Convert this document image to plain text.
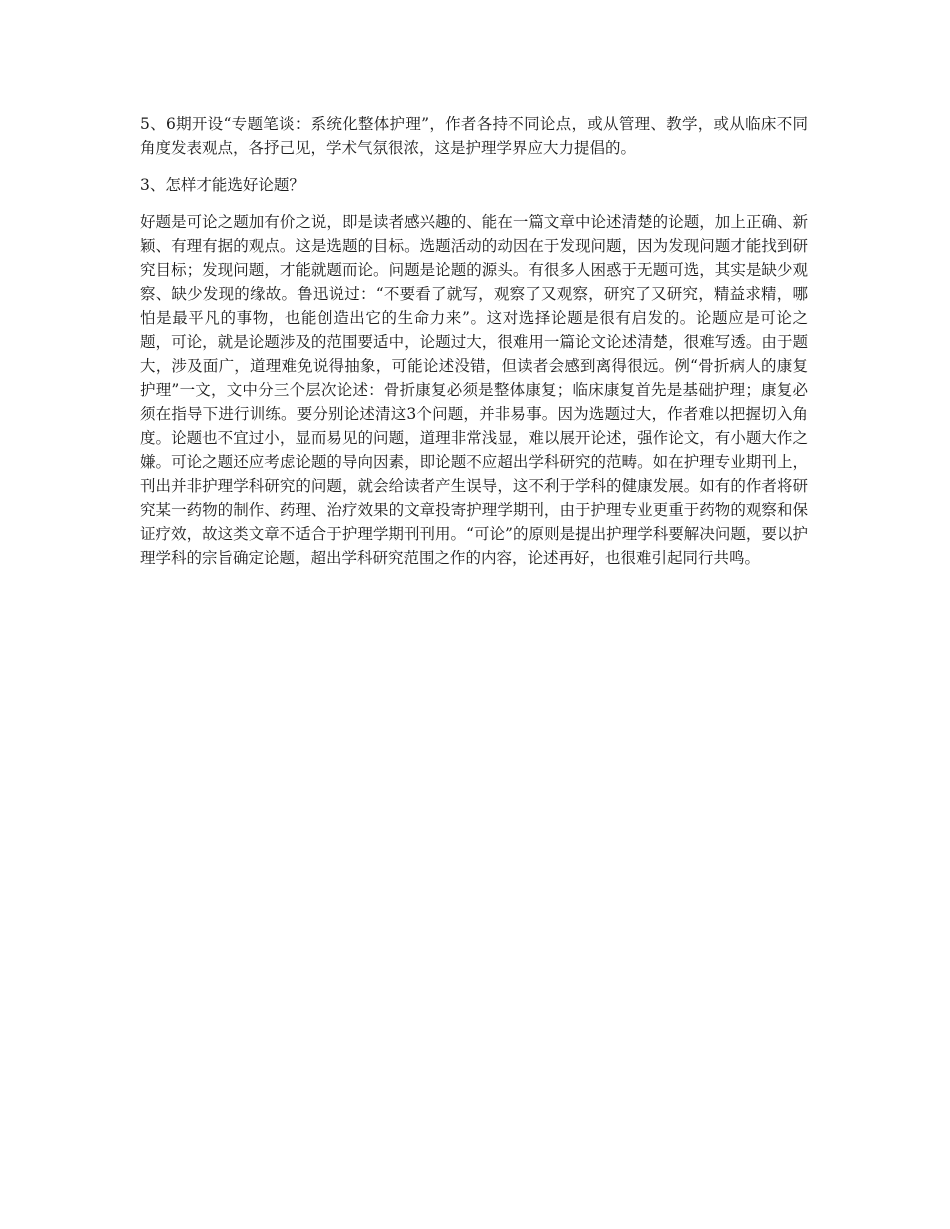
5、6期开设“专题笔谈：系统化整体护理”，作者各持不同论点，或从管理、教学，或从临床不同角度发表观点，各抒己见，学术气氛很浓，这是护理学界应大力提倡的。

3、怎样才能选好论题？

好题是可论之题加有价之说，即是读者感兴趣的、能在一篇文章中论述清楚的论题，加上正确、新颖、有理有据的观点。这是选题的目标。选题活动的动因在于发现问题，因为发现问题才能找到研究目标；发现问题，才能就题而论。问题是论题的源头。有很多人困惑于无题可选，其实是缺少观察、缺少发现的缘故。鲁迅说过：“不要看了就写，观察了又观察，研究了又研究，精益求精，哪怕是最平凡的事物，也能创造出它的生命力来”。这对选择论题是很有启发的。论题应是可论之题，可论，就是论题涉及的范围要适中，论题过大，很难用一篇论文论述清楚，很难写透。由于题大，涉及面广，道理难免说得抽象，可能论述没错，但读者会感到离得很远。例“骨折病人的康复护理”一文，文中分三个层次论述：骨折康复必须是整体康复；临床康复首先是基础护理；康复必须在指导下进行训练。要分别论述清这3个问题，并非易事。因为选题过大，作者难以把握切入角度。论题也不宜过小，显而易见的问题，道理非常浅显，难以展开论述，强作论文，有小题大作之嫌。可论之题还应考虑论题的导向因素，即论题不应超出学科研究的范畴。如在护理专业期刊上，刊出并非护理学科研究的问题，就会给读者产生误导，这不利于学科的健康发展。如有的作者将研究某一药物的制作、药理、治疗效果的文章投寄护理学期刊，由于护理专业更重于药物的观察和保证疗效，故这类文章不适合于护理学期刊刊用。“可论”的原则是提出护理学科要解决问题，要以护理学科的宗旨确定论题，超出学科研究范围之作的内容，论述再好，也很难引起同行共鸣。
